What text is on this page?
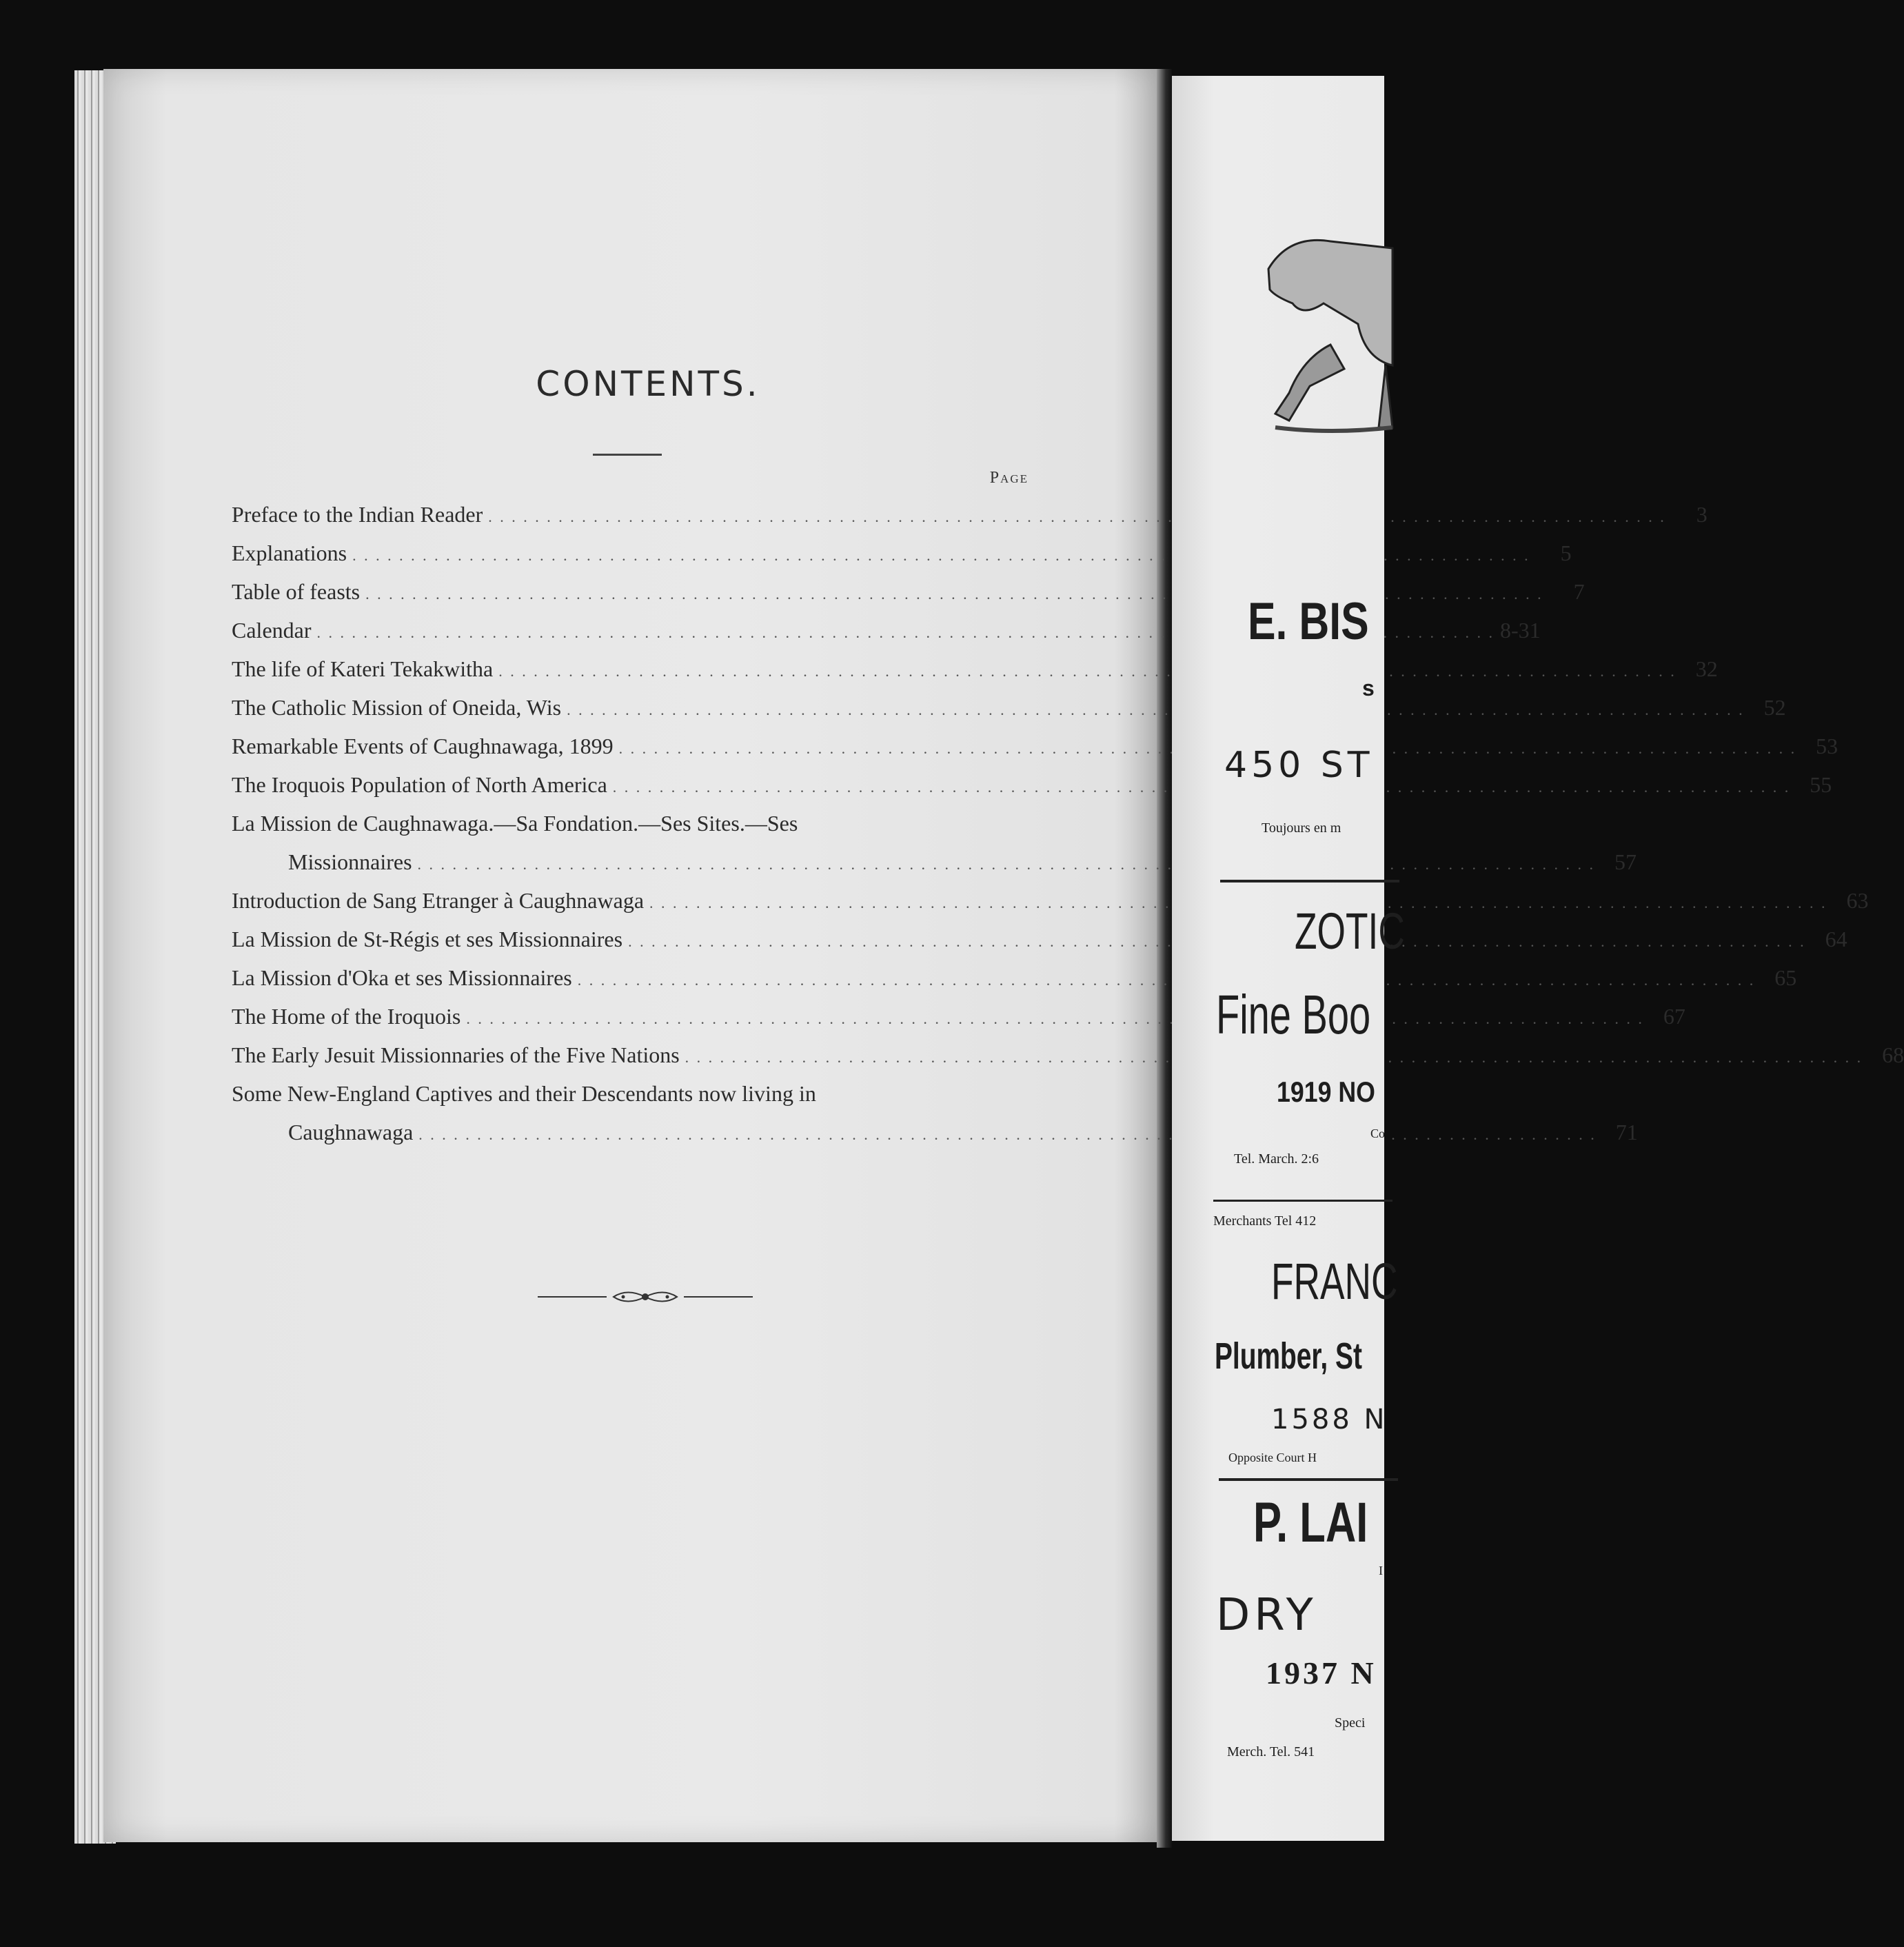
CONTENTS.
Page
Preface to the Indian Reader . . .	3
Explanations . . .	5
Table of feasts . . .	7
Calendar . . .	8-31
The life of Kateri Tekakwitha . . .	32
The Catholic Mission of Oneida, Wis . . .	52
Remarkable Events of Caughnawaga, 1899 . . .	53
The Iroquois Population of North America . . .	55
La Mission de Caughnawaga.—Sa Fondation.—Ses Sites.—Ses
Missionnaires . . .	57
Introduction de Sang Etranger à Caughnawaga . . .	63
La Mission de St-Régis et ses Missionnaires . . .	64
La Mission d'Oka et ses Missionnaires . . .	65
The Home of the Iroquois . . .	67
The Early Jesuit Missionnaries of the Five Nations . . .	68
Some New-England Captives and their Descendants now living in
Caughnawaga . . .	71
E. BIS
s
450 ST
Toujours en m
ZOTIC
Fine Boo
1919 NO
Co
Tel. March. 2:6
Merchants Tel 412
FRANC
Plumber, St
1588 N
Opposite Court H
P. LAI
I
DRY
1937 N
Speci
Merch. Tel. 541
